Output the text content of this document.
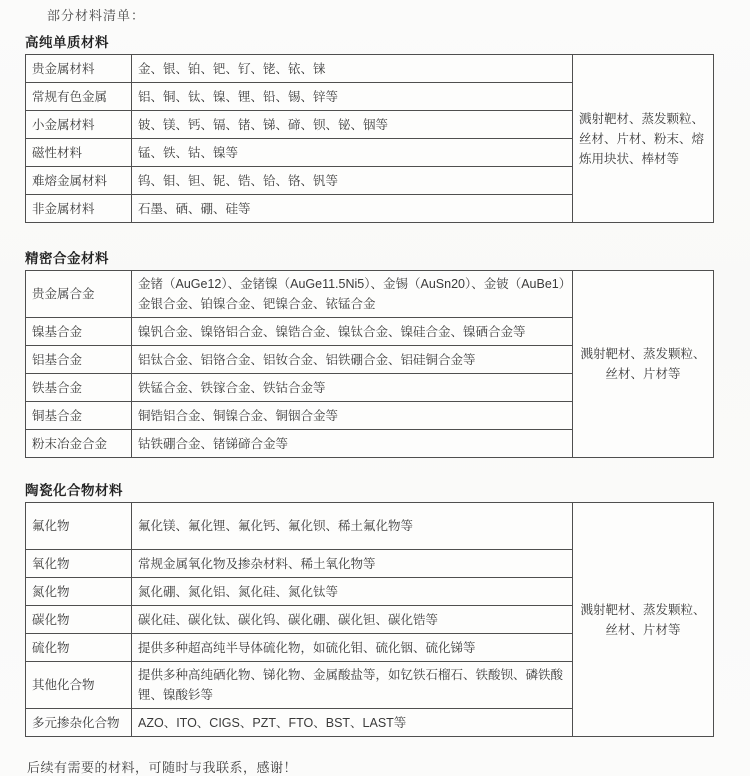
部分材料清单：
高纯单质材料
贵金属材料	金、银、铂、钯、钌、铑、铱、铼	溅射靶材、蒸发颗粒、丝材、片材、粉末、熔炼用块状、棒材等
常规有色金属	铝、铜、钛、镍、锂、铅、锡、锌等	
小金属材料	铍、镁、钙、镉、锗、锑、碲、钡、铋、铟等	
磁性材料	锰、铁、钴、镍等	
难熔金属材料	钨、钼、钽、铌、锆、铪、铬、钒等	
非金属材料	石墨、硒、硼、硅等	
精密合金材料
贵金属合金	金锗（AuGe12）、金锗镍（AuGe11.5Ni5）、金锡（AuSn20）、金铍（AuBe1）金银合金、铂镍合金、钯镍合金、铱锰合金	溅射靶材、蒸发颗粒、丝材、片材等
镍基合金	镍钒合金、镍铬铝合金、镍锆合金、镍钛合金、镍硅合金、镍硒合金等	
铝基合金	铝钛合金、铝铬合金、铝钕合金、铝铁硼合金、铝硅铜合金等	
铁基合金	铁锰合金、铁镓合金、铁钴合金等	
铜基合金	铜锆铝合金、铜镍合金、铜铟合金等	
粉末冶金合金	钴铁硼合金、锗锑碲合金等	
陶瓷化合物材料
氟化物	氟化镁、氟化锂、氟化钙、氟化钡、稀土氟化物等	溅射靶材、蒸发颗粒、丝材、片材等
氧化物	常规金属氧化物及掺杂材料、稀土氧化物等	
氮化物	氮化硼、氮化铝、氮化硅、氮化钛等	
碳化物	碳化硅、碳化钛、碳化钨、碳化硼、碳化钽、碳化锆等	
硫化物	提供多种超高纯半导体硫化物，如硫化钼、硫化铟、硫化锑等	
其他化合物	提供多种高纯硒化物、锑化物、金属酸盐等，如钇铁石榴石、铁酸钡、磷铁酸锂、镍酸钐等	
多元掺杂化合物	AZO、ITO、CIGS、PZT、FTO、BST、LAST等	
后续有需要的材料，可随时与我联系，感谢！
